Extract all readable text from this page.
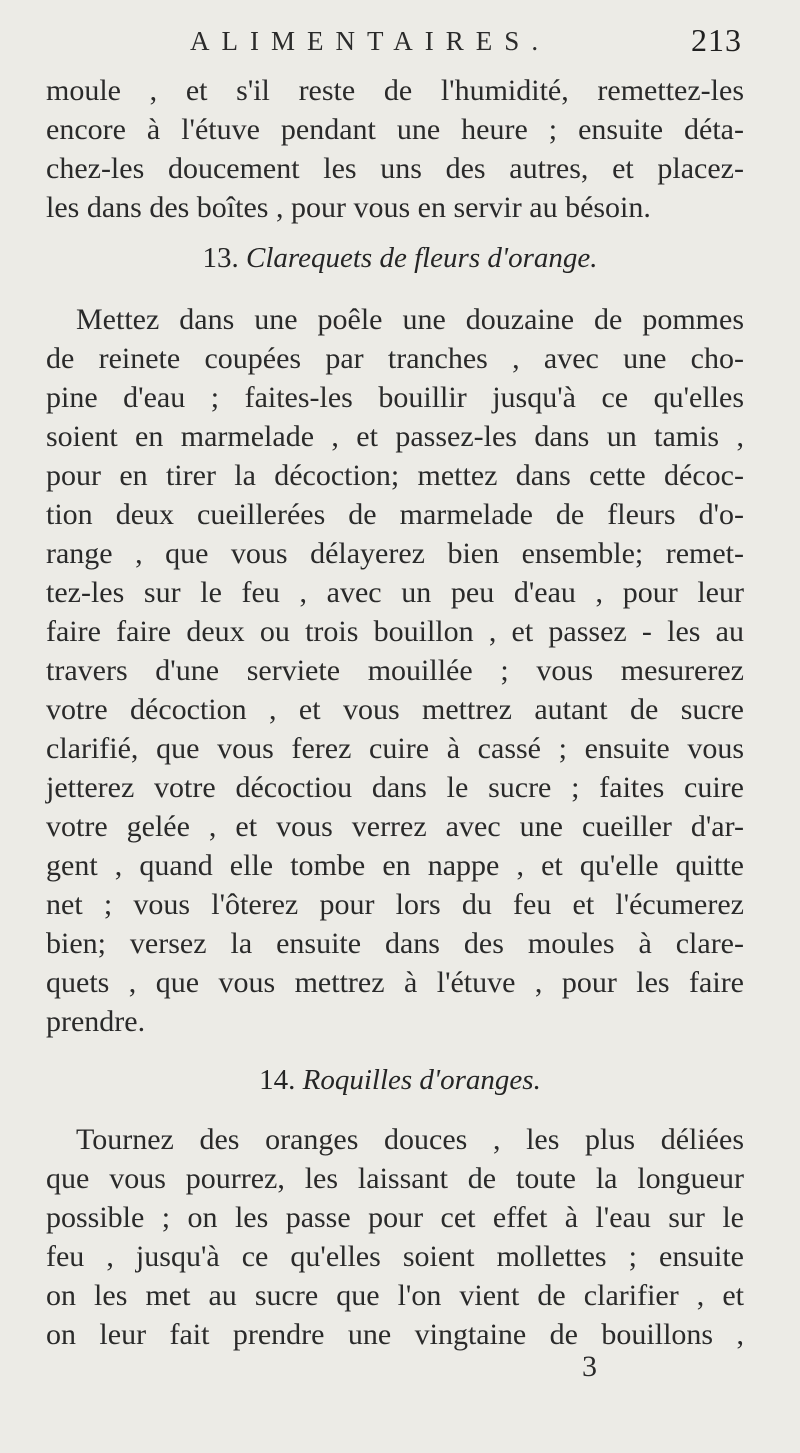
ALIMENTAIRES.	213
moule , et s'il reste de l'humidité, remettez-les
encore à l'étuve pendant une heure ; ensuite déta-
chez-les doucement les uns des autres, et placez-
les dans des boîtes , pour vous en servir au bésoin.
13. Clarequets de fleurs d'orange.
Mettez dans une poêle une douzaine de pommes
de reinete coupées par tranches , avec une cho-
pine d'eau ; faites-les bouillir jusqu'à ce qu'elles
soient en marmelade , et passez-les dans un tamis ,
pour en tirer la décoction; mettez dans cette décoc-
tion deux cueillerées de marmelade de fleurs d'o-
range , que vous délayerez bien ensemble; remet-
tez-les sur le feu , avec un peu d'eau , pour leur
faire faire deux ou trois bouillon , et passez - les au
travers d'une serviete mouillée ; vous mesurerez
votre décoction , et vous mettrez autant de sucre
clarifié, que vous ferez cuire à cassé ; ensuite vous
jetterez votre décoctiou dans le sucre ; faites cuire
votre gelée , et vous verrez avec une cueiller d'ar-
gent , quand elle tombe en nappe , et qu'elle quitte
net ; vous l'ôterez pour lors du feu et l'écumerez
bien; versez la ensuite dans des moules à clare-
quets , que vous mettrez à l'étuve , pour les faire
prendre.
14. Roquilles d'oranges.
Tournez des oranges douces , les plus déliées
que vous pourrez, les laissant de toute la longueur
possible ; on les passe pour cet effet à l'eau sur le
feu , jusqu'à ce qu'elles soient mollettes ; ensuite
on les met au sucre que l'on vient de clarifier , et
on leur fait prendre une vingtaine de bouillons ,
3
